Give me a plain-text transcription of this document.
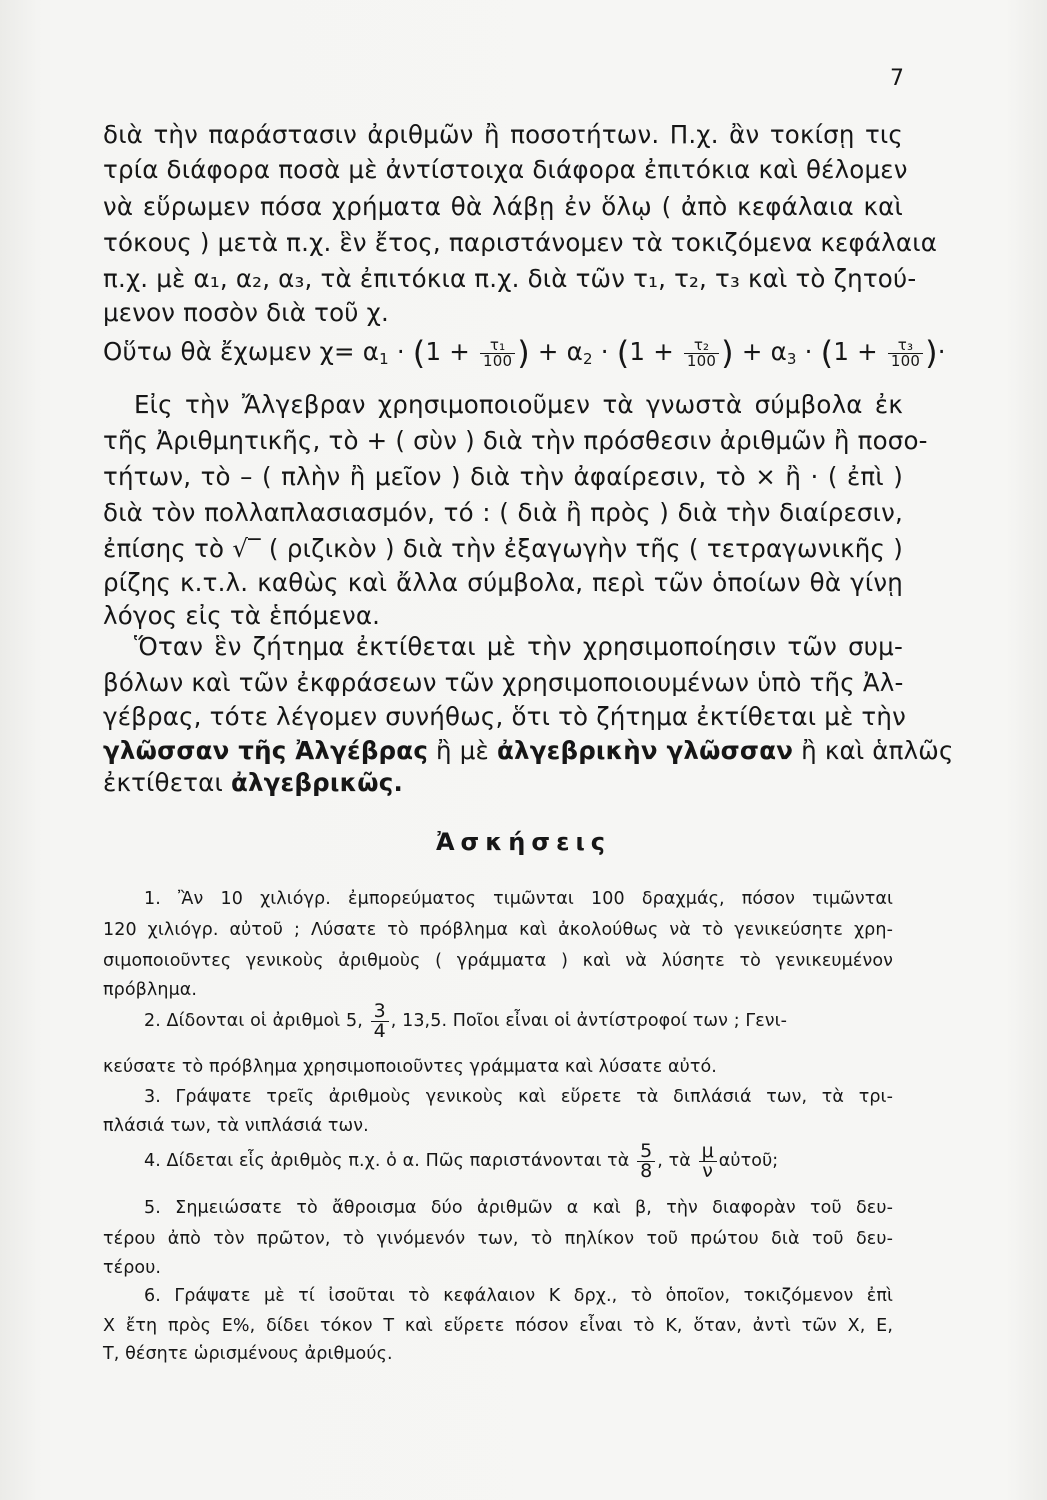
7
διὰ τὴν παράστασιν ἀριθμῶν ἢ ποσοτήτων. Π.χ. ἂν τοκίσῃ τις
τρία διάφορα ποσὰ μὲ ἀντίστοιχα διάφορα ἐπιτόκια καὶ θέλομεν
νὰ εὕρωμεν πόσα χρήματα θὰ λάβῃ ἐν ὅλῳ ( ἀπὸ κεφάλαια καὶ
τόκους ) μετὰ π.χ. ἓν ἔτος, παριστάνομεν τὰ τοκιζόμενα κεφάλαια
π.χ. μὲ α₁, α₂, α₃, τὰ ἐπιτόκια π.χ. διὰ τῶν τ₁, τ₂, τ₃ καὶ τὸ ζητού-
μενον ποσὸν διὰ τοῦ χ.
Οὕτω θὰ ἔχωμεν $\chi= \alpha_1 \cdot (1 + \frac{\text{τ₁}}{100}$ ) + $\alpha_2 \cdot (1 + \frac{\text{τ₂}}{100}$ ) + $\alpha_3 \cdot (1 + \frac{\text{τ₃}}{100}$ )·
Εἰς τὴν Ἄλγεβραν χρησιμοποιοῦμεν τὰ γνωστὰ σύμβολα ἐκ
τῆς Ἀριθμητικῆς, τὸ + ( σὺν ) διὰ τὴν πρόσθεσιν ἀριθμῶν ἢ ποσο-
τήτων, τὸ – ( πλὴν ἢ μεῖον ) διὰ τὴν ἀφαίρεσιν, τὸ × ἢ · ( ἐπὶ )
διὰ τὸν πολλαπλασιασμόν, τό : ( διὰ ἢ πρὸς ) διὰ τὴν διαίρεσιν,
ἐπίσης τὸ √‾ ( ριζικὸν ) διὰ τὴν ἐξαγωγὴν τῆς ( τετραγωνικῆς )
ρίζης κ.τ.λ. καθὼς καὶ ἄλλα σύμβολα, περὶ τῶν ὁποίων θὰ γίνῃ
λόγος εἰς τὰ ἑπόμενα.
Ὅταν ἓν ζήτημα ἐκτίθεται μὲ τὴν χρησιμοποίησιν τῶν συμ-
βόλων καὶ τῶν ἐκφράσεων τῶν χρησιμοποιουμένων ὑπὸ τῆς Ἀλ-
γέβρας, τότε λέγομεν συνήθως, ὅτι τὸ ζήτημα ἐκτίθεται μὲ τὴν
γλῶσσαν τῆς Ἀλγέβρας ἢ μὲ ἀλγεβρικὴν γλῶσσαν ἢ καὶ ἁπλῶς
ἐκτίθεται ἀλγεβρικῶς.
Ἀσκήσεις
1. Ἂν 10 χιλιόγρ. ἐμπορεύματος τιμῶνται 100 δραχμάς, πόσον τιμῶνται
120 χιλιόγρ. αὐτοῦ ; Λύσατε τὸ πρόβλημα καὶ ἀκολούθως νὰ τὸ γενικεύσητε χρη-
σιμοποιοῦντες γενικοὺς ἀριθμοὺς ( γράμματα ) καὶ νὰ λύσητε τὸ γενικευμένον
πρόβλημα.
2. Δίδονται οἱ ἀριθμοὶ 5, $\frac{3}{4}$ , 13,5. Ποῖοι εἶναι οἱ ἀντίστροφοί των ; Γενι-
κεύσατε τὸ πρόβλημα χρησιμοποιοῦντες γράμματα καὶ λύσατε αὐτό.
3. Γράψατε τρεῖς ἀριθμοὺς γενικοὺς καὶ εὕρετε τὰ διπλάσιά των, τὰ τρι-
πλάσιά των, τὰ νιπλάσιά των.
4. Δίδεται εἷς ἀριθμὸς π.χ. ὁ α. Πῶς παριστάνονται τὰ $\frac{5}{8}$ , τὰ $\frac{\mu}{\nu}$ αὐτοῦ;
5. Σημειώσατε τὸ ἄθροισμα δύο ἀριθμῶν α καὶ β, τὴν διαφορὰν τοῦ δευ-
τέρου ἀπὸ τὸν πρῶτον, τὸ γινόμενόν των, τὸ πηλίκον τοῦ πρώτου διὰ τοῦ δευ-
τέρου.
6. Γράψατε μὲ τί ἰσοῦται τὸ κεφάλαιον Κ δρχ., τὸ ὁποῖον, τοκιζόμενον ἐπὶ
Χ ἔτη πρὸς Ε%, δίδει τόκον Τ καὶ εὕρετε πόσον εἶναι τὸ Κ, ὅταν, ἀντὶ τῶν Χ, Ε,
Τ, θέσητε ὡρισμένους ἀριθμούς.
